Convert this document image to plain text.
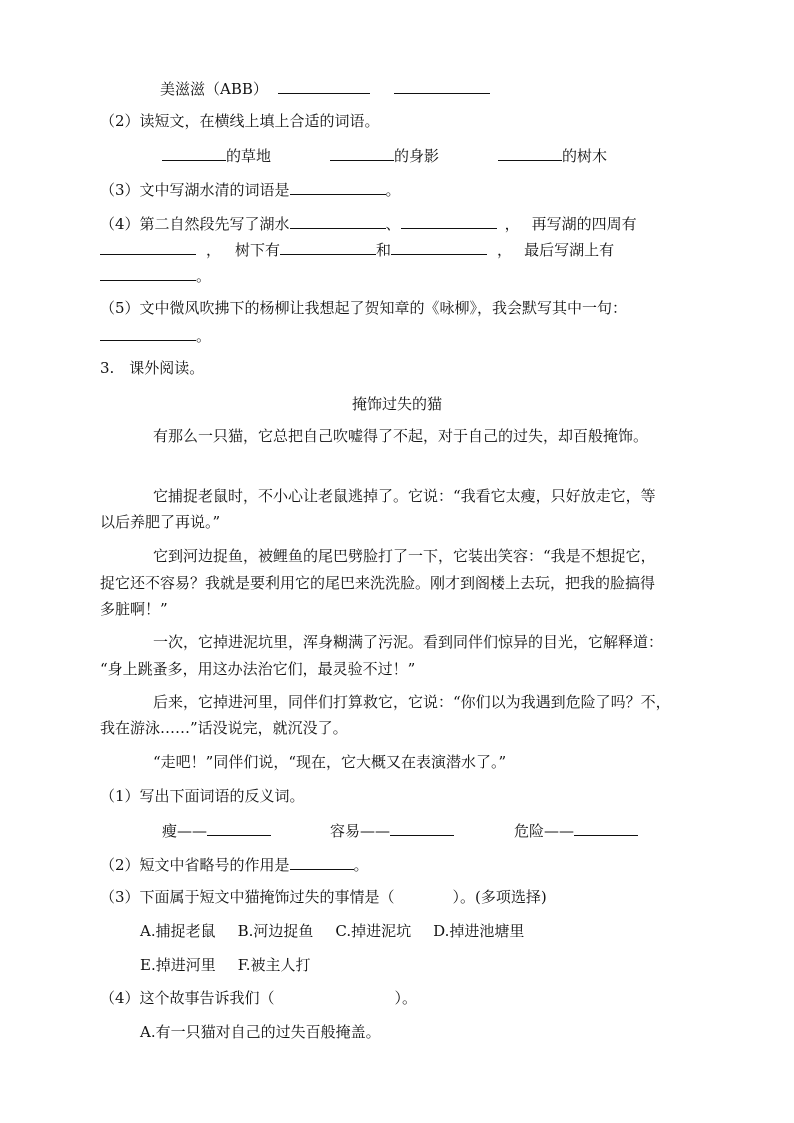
美滋滋（ABB）
（2）读短文，在横线上填上合适的词语。
的草地	的身影	的树木
（3）文中写湖水清的词语是	。
（4）第二自然段先写了湖水	、	， 再写湖的四周有
， 树下有	和	， 最后写湖上有
。
（5）文中微风吹拂下的杨柳让我想起了贺知章的《咏柳》，我会默写其中一句：
。
3.　课外阅读。
掩饰过失的猫
有那么一只猫，它总把自己吹嘘得了不起，对于自己的过失，却百般掩饰。
它捕捉老鼠时，不小心让老鼠逃掉了。它说：“我看它太瘦，只好放走它，等
以后养肥了再说。”
它到河边捉鱼，被鲤鱼的尾巴劈脸打了一下，它装出笑容：“我是不想捉它，
捉它还不容易？我就是要利用它的尾巴来洗洗脸。刚才到阁楼上去玩，把我的脸搞得
多脏啊！”
一次，它掉进泥坑里，浑身糊满了污泥。看到同伴们惊异的目光，它解释道：
“身上跳蚤多，用这办法治它们，最灵验不过！”
后来，它掉进河里，同伴们打算救它，它说：“你们以为我遇到危险了吗？不，
我在游泳……”话没说完，就沉没了。
“走吧！”同伴们说，“现在，它大概又在表演潜水了。”
（1）写出下面词语的反义词。
瘦——	容易——	危险——
（2）短文中省略号的作用是	。
（3）下面属于短文中猫掩饰过失的事情是（	）。(多项选择)
A.捕捉老鼠 B.河边捉鱼 C.掉进泥坑 D.掉进池塘里
E.掉进河里 F.被主人打
（4）这个故事告诉我们（	）。
A.有一只猫对自己的过失百般掩盖。
